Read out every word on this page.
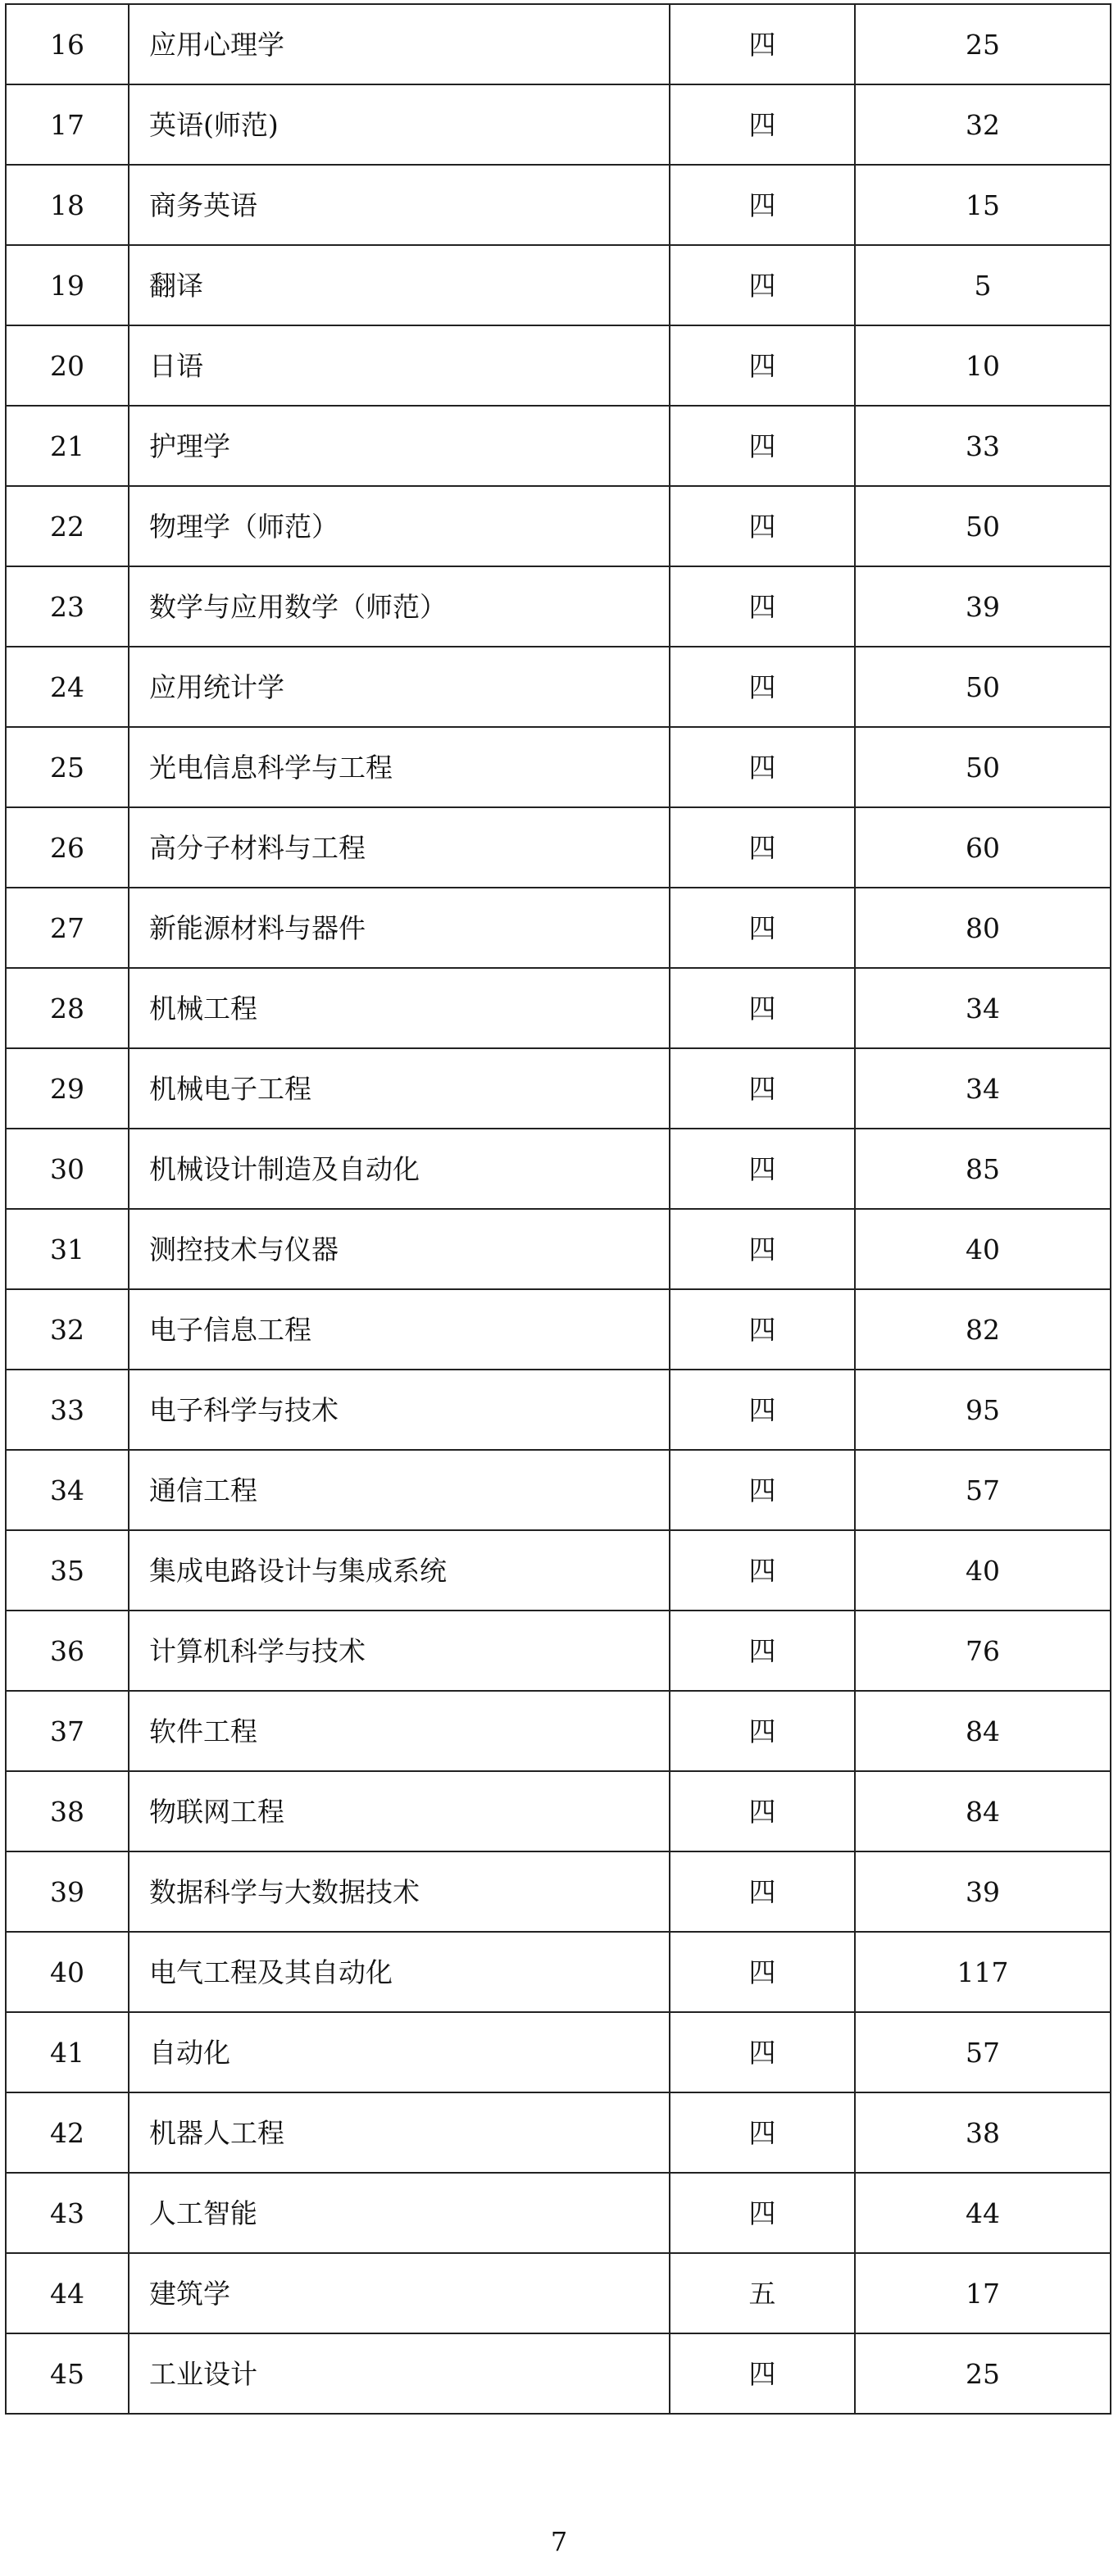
16	应用心理学	四	25
17	英语(师范)	四	32
18	商务英语	四	15
19	翻译	四	5
20	日语	四	10
21	护理学	四	33
22	物理学（师范）	四	50
23	数学与应用数学（师范）	四	39
24	应用统计学	四	50
25	光电信息科学与工程	四	50
26	高分子材料与工程	四	60
27	新能源材料与器件	四	80
28	机械工程	四	34
29	机械电子工程	四	34
30	机械设计制造及自动化	四	85
31	测控技术与仪器	四	40
32	电子信息工程	四	82
33	电子科学与技术	四	95
34	通信工程	四	57
35	集成电路设计与集成系统	四	40
36	计算机科学与技术	四	76
37	软件工程	四	84
38	物联网工程	四	84
39	数据科学与大数据技术	四	39
40	电气工程及其自动化	四	117
41	自动化	四	57
42	机器人工程	四	38
43	人工智能	四	44
44	建筑学	五	17
45	工业设计	四	25
7
